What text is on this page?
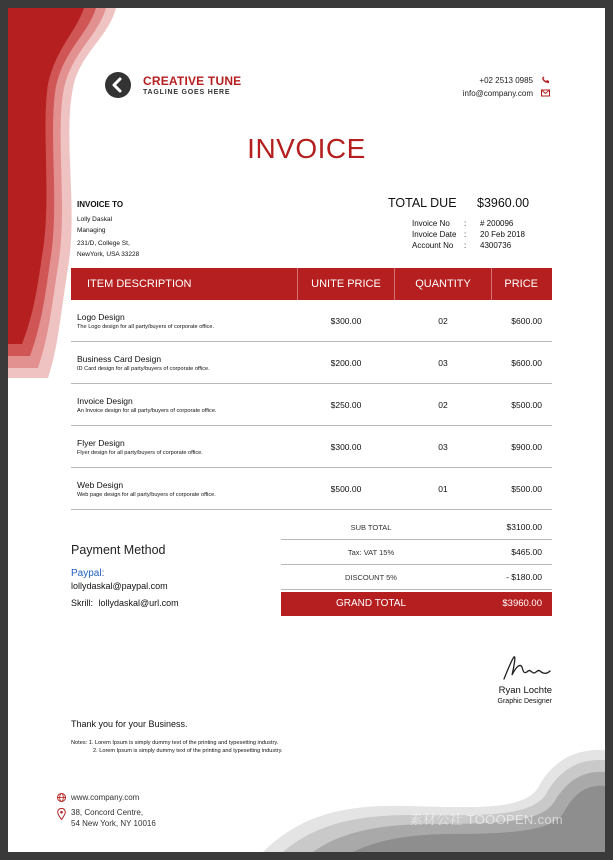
CREATIVE TUNE
TAGLINE GOES HERE
+02 2513 0985
info@company.com
INVOICE
INVOICE TO
Lolly Daskal
Managing
231/D, College St,
NewYork, USA 33228
TOTAL DUE $3960.00
Invoice No	:	# 200096
Invoice Date :	20 Feb 2018
Account No	:	4300736
ITEM DESCRIPTION	UNITE PRICE	QUANTITY	PRICE

Logo Design
The Logo design for all party/buyers of corporate office.	$300.00	02	$600.00

Business Card Design
ID Card design for all party/buyers of corporate office.	$200.00	03	$600.00

Invoice Design
An Invoice design for all party/buyers of corporate office.	$250.00	02	$500.00

Flyer Design
Flyer design for all party/buyers of corporate office.	$300.00	03	$900.00

Web Design
Web page design for all party/buyers of corporate office.	$500.00	01	$500.00
SUB TOTAL	$3100.00
Tax: VAT 15%	$465.00
DISCOUNT 5%	- $180.00
GRAND TOTAL	$3960.00
Payment Method
Paypal:
lollydaskal@paypal.com
Skrill: lollydaskal@url.com
Ryan Lochte
Graphic Designer
Thank you for your Business.
Notes: 1. Lorem Ipsum is simply dummy text of the printing and typesetting industry.
2. Lorem Ipsum is simply dummy text of the printing and typesetting industry.
www.company.com
38, Concord Centre,
54 New York, NY 10016	素材公社 TOOOPEN.com
